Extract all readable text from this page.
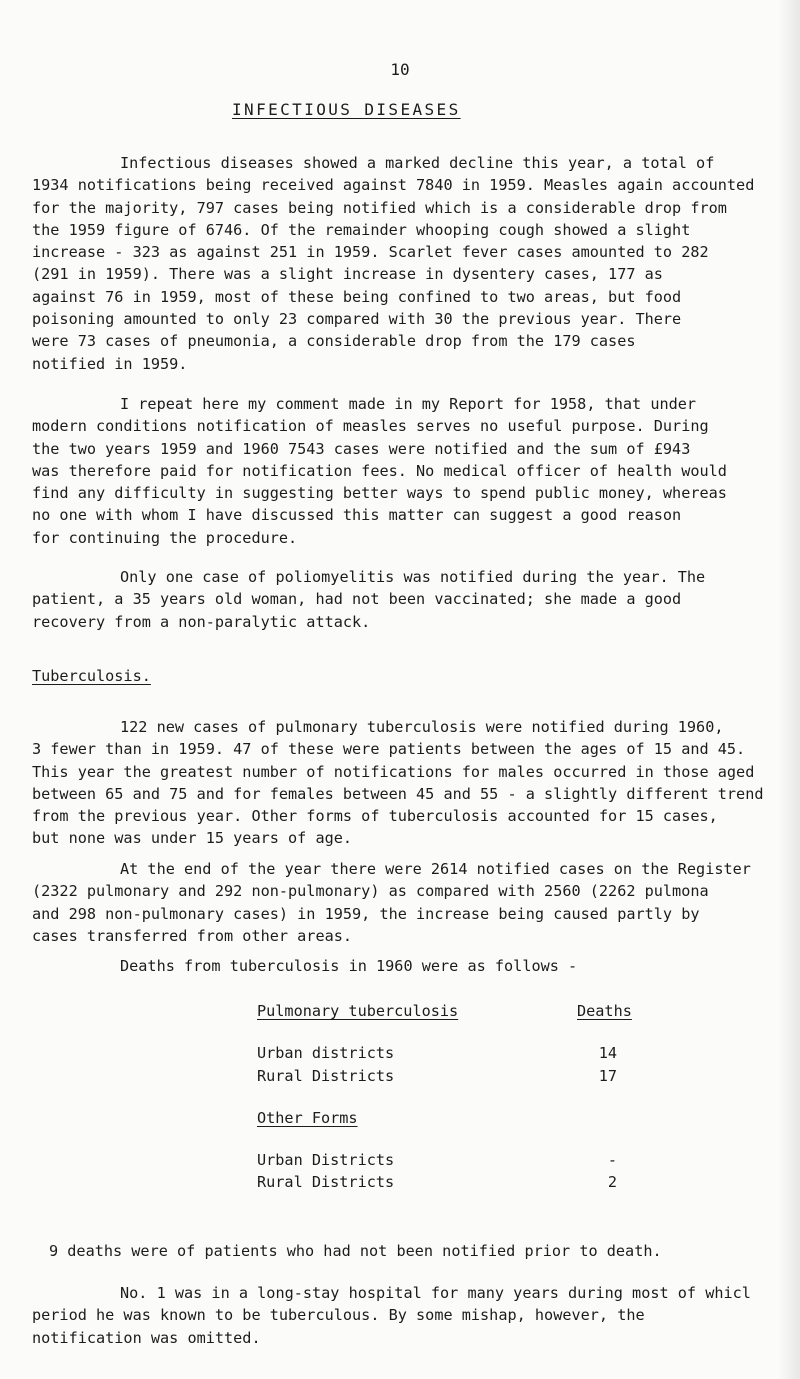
10
INFECTIOUS DISEASES
Infectious diseases showed a marked decline this year, a total of
1934 notifications being received against 7840 in 1959. Measles again accounted
for the majority, 797 cases being notified which is a considerable drop from
the 1959 figure of 6746. Of the remainder whooping cough showed a slight
increase - 323 as against 251 in 1959. Scarlet fever cases amounted to 282
(291 in 1959). There was a slight increase in dysentery cases, 177 as
against 76 in 1959, most of these being confined to two areas, but food
poisoning amounted to only 23 compared with 30 the previous year. There
were 73 cases of pneumonia, a considerable drop from the 179 cases
notified in 1959.
I repeat here my comment made in my Report for 1958, that under
modern conditions notification of measles serves no useful purpose. During
the two years 1959 and 1960 7543 cases were notified and the sum of £943
was therefore paid for notification fees. No medical officer of health would
find any difficulty in suggesting better ways to spend public money, whereas
no one with whom I have discussed this matter can suggest a good reason
for continuing the procedure.
Only one case of poliomyelitis was notified during the year. The
patient, a 35 years old woman, had not been vaccinated; she made a good
recovery from a non-paralytic attack.
Tuberculosis.
122 new cases of pulmonary tuberculosis were notified during 1960,
3 fewer than in 1959. 47 of these were patients between the ages of 15 and 45.
This year the greatest number of notifications for males occurred in those aged
between 65 and 75 and for females between 45 and 55 - a slightly different trend
from the previous year. Other forms of tuberculosis accounted for 15 cases,
but none was under 15 years of age.
At the end of the year there were 2614 notified cases on the Register
(2322 pulmonary and 292 non-pulmonary) as compared with 2560 (2262 pulmona
and 298 non-pulmonary cases) in 1959, the increase being caused partly by
cases transferred from other areas.
Deaths from tuberculosis in 1960 were as follows -
Pulmonary tuberculosis	Deaths
Urban districts	14
Rural Districts	17
Other Forms
Urban Districts	-
Rural Districts	2
9 deaths were of patients who had not been notified prior to death.
No. 1 was in a long-stay hospital for many years during most of whicl
period he was known to be tuberculous. By some mishap, however, the
notification was omitted.
